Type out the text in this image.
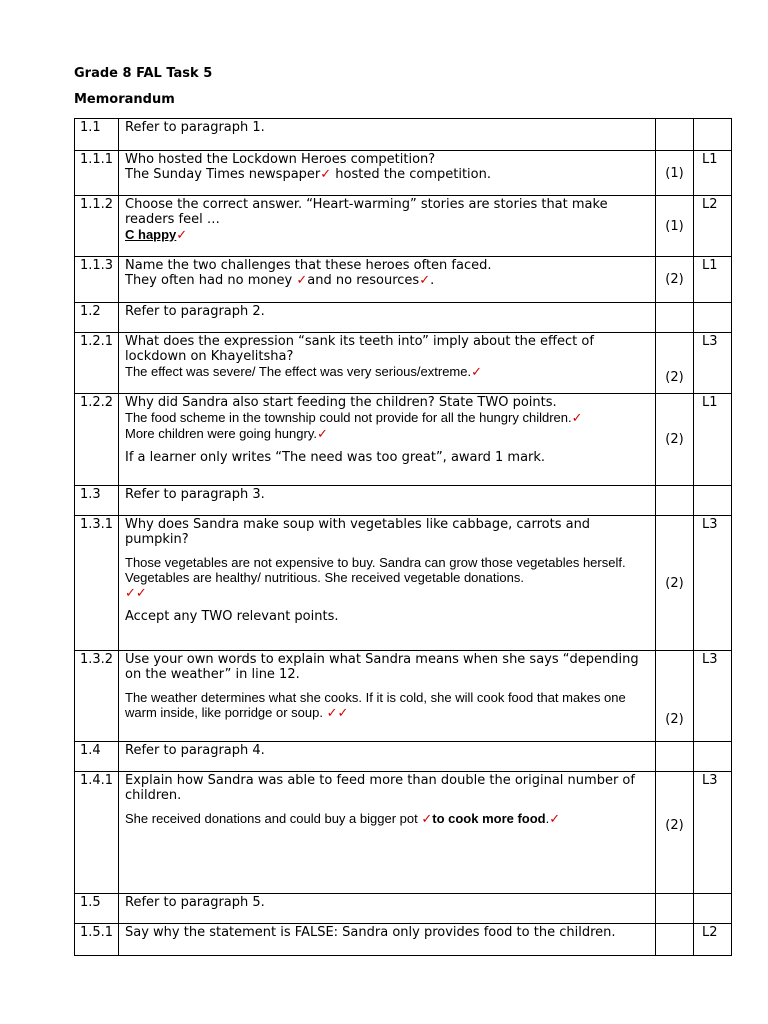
Grade 8 FAL Task 5
Memorandum
1.1	Refer to paragraph 1.		
1.1.1	Who hosted the Lockdown Heroes competition?
The Sunday Times newspaper✓ hosted the competition.	(1)	L1
1.1.2	Choose the correct answer. “Heart-warming” stories are stories that make readers feel …
C happy✓	(1)	L2
1.1.3	Name the two challenges that these heroes often faced.
They often had no money ✓and no resources✓.	(2)	L1
1.2	Refer to paragraph 2.		
1.2.1	What does the expression “sank its teeth into” imply about the effect of lockdown on Khayelitsha?
The effect was severe/ The effect was very serious/extreme.✓	(2)	L3
1.2.2	Why did Sandra also start feeding the children? State TWO points.
The food scheme in the township could not provide for all the hungry children.✓
More children were going hungry.✓
If a learner only writes “The need was too great”, award 1 mark.	(2)	L1
1.3	Refer to paragraph 3.		
1.3.1	Why does Sandra make soup with vegetables like cabbage, carrots and pumpkin?
Those vegetables are not expensive to buy. Sandra can grow those vegetables herself. Vegetables are healthy/ nutritious. She received vegetable donations.
✓✓
Accept any TWO relevant points.	(2)	L3
1.3.2	Use your own words to explain what Sandra means when she says “depending on the weather” in line 12.
The weather determines what she cooks. If it is cold, she will cook food that makes one warm inside, like porridge or soup. ✓✓	(2)	L3
1.4	Refer to paragraph 4.		
1.4.1	Explain how Sandra was able to feed more than double the original number of children.
She received donations and could buy a bigger pot ✓to cook more food.✓	(2)	L3
1.5	Refer to paragraph 5.		
1.5.1	Say why the statement is FALSE: Sandra only provides food to the children.		L2
